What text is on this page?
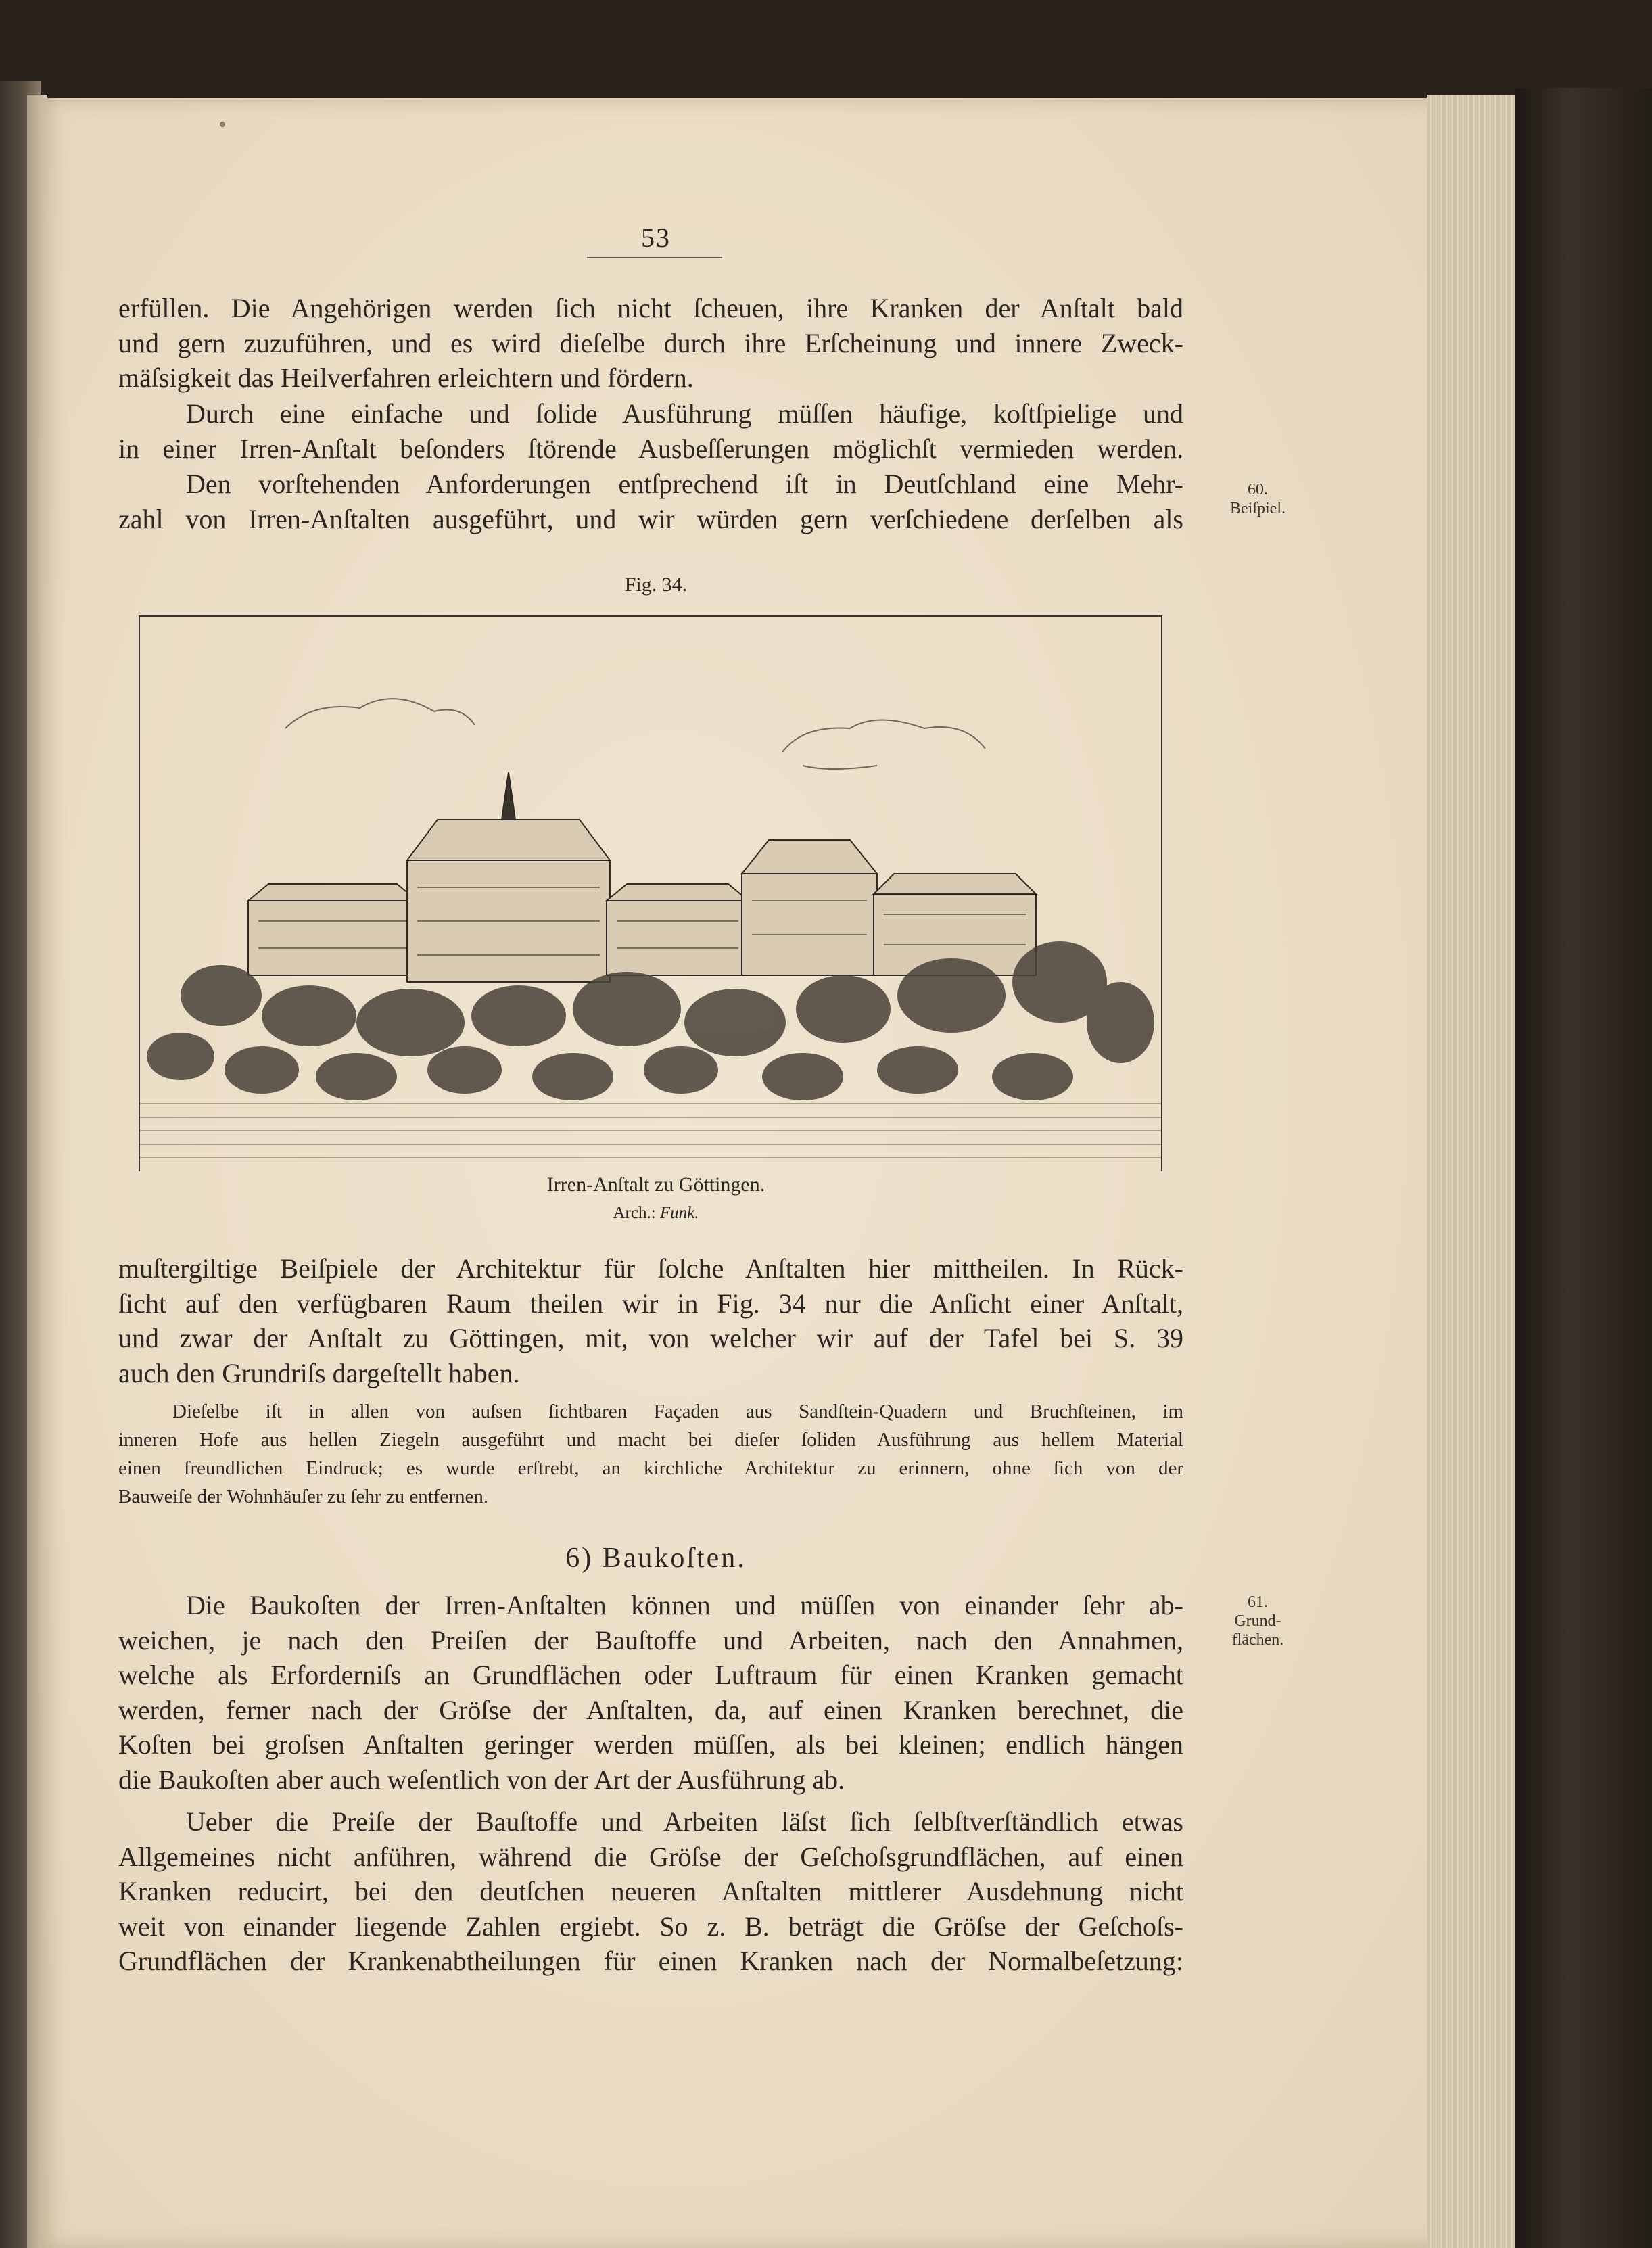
53
erfüllen. Die Angehörigen werden ſich nicht ſcheuen, ihre Kranken der Anſtalt bald
und gern zuzuführen, und es wird dieſelbe durch ihre Erſcheinung und innere Zweck-
mäſsigkeit das Heilverfahren erleichtern und fördern.
Durch eine einfache und ſolide Ausführung müſſen häufige, koſtſpielige und
in einer Irren-Anſtalt beſonders ſtörende Ausbeſſerungen möglichſt vermieden werden.
Den vorſtehenden Anforderungen entſprechend iſt in Deutſchland eine Mehr-
zahl von Irren-Anſtalten ausgeführt, und wir würden gern verſchiedene derſelben als
60.
Beiſpiel.
Fig. 34.
Irren-Anſtalt zu Göttingen.
Arch.: Funk.
muſtergiltige Beiſpiele der Architektur für ſolche Anſtalten hier mittheilen. In Rück-
ſicht auf den verfügbaren Raum theilen wir in Fig. 34 nur die Anſicht einer Anſtalt,
und zwar der Anſtalt zu Göttingen, mit, von welcher wir auf der Tafel bei S. 39
auch den Grundriſs dargeſtellt haben.
Dieſelbe iſt in allen von auſsen ſichtbaren Façaden aus Sandſtein-Quadern und Bruchſteinen, im
inneren Hofe aus hellen Ziegeln ausgeführt und macht bei dieſer ſoliden Ausführung aus hellem Material
einen freundlichen Eindruck; es wurde erſtrebt, an kirchliche Architektur zu erinnern, ohne ſich von der
Bauweiſe der Wohnhäuſer zu ſehr zu entfernen.
6) Baukoſten.
61.
Grund-
flächen.
Die Baukoſten der Irren-Anſtalten können und müſſen von einander ſehr ab-
weichen, je nach den Preiſen der Bauſtoffe und Arbeiten, nach den Annahmen,
welche als Erforderniſs an Grundflächen oder Luftraum für einen Kranken gemacht
werden, ferner nach der Gröſse der Anſtalten, da, auf einen Kranken berechnet, die
Koſten bei groſsen Anſtalten geringer werden müſſen, als bei kleinen; endlich hängen
die Baukoſten aber auch weſentlich von der Art der Ausführung ab.
Ueber die Preiſe der Bauſtoffe und Arbeiten läſst ſich ſelbſtverſtändlich etwas
Allgemeines nicht anführen, während die Gröſse der Geſchoſsgrundflächen, auf einen
Kranken reducirt, bei den deutſchen neueren Anſtalten mittlerer Ausdehnung nicht
weit von einander liegende Zahlen ergiebt. So z. B. beträgt die Gröſse der Geſchoſs-
Grundflächen der Krankenabtheilungen für einen Kranken nach der Normalbeſetzung:
